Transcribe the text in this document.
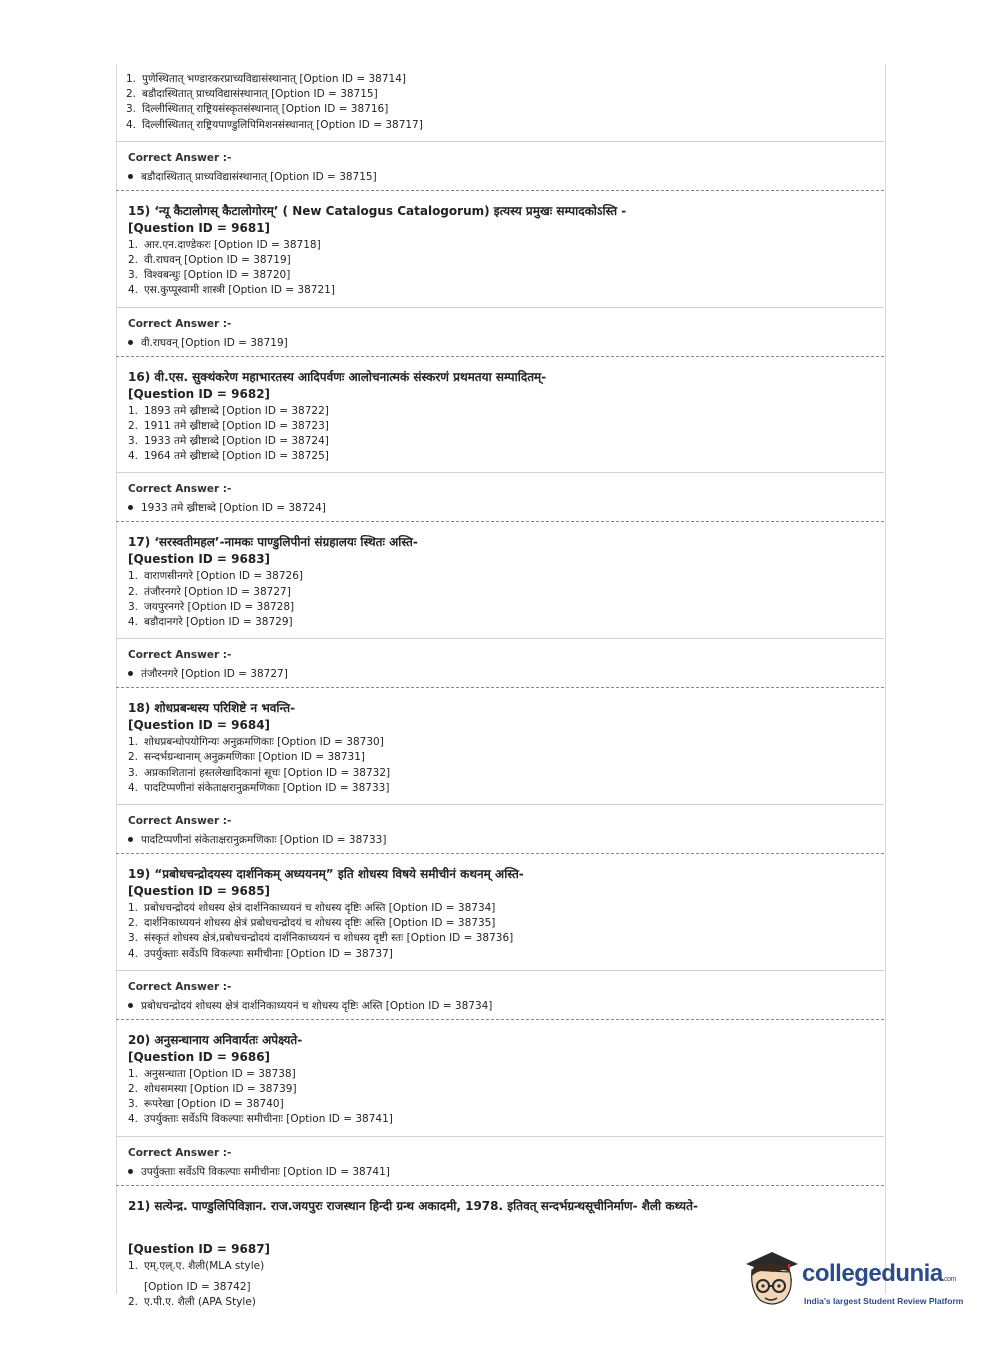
1. पुणेस्थितात् भण्डारकरप्राच्यविद्यासंस्थानात् [Option ID = 38714]
2. बडौदास्थितात् प्राच्यविद्यासंस्थानात् [Option ID = 38715]
3. दिल्लीस्थितात् राष्ट्रियसंस्कृतसंस्थानात् [Option ID = 38716]
4. दिल्लीस्थितात् राष्ट्रियपाण्डुलिपिमिशनसंस्थानात् [Option ID = 38717]
Correct Answer :-
बडौदास्थितात् प्राच्यविद्यासंस्थानात् [Option ID = 38715]
15) ‘न्यू कैटालोगस् कैटालोगोरम्’ ( New Catalogus Catalogorum) इत्यस्य प्रमुखः सम्पादकोऽस्ति -
[Question ID = 9681]
1. आर.एन.दाण्डेकरः [Option ID = 38718]
2. वी.राघवन् [Option ID = 38719]
3. विश्वबन्धुः [Option ID = 38720]
4. एस.कुप्पूस्वामी शास्त्री [Option ID = 38721]
Correct Answer :-
वी.राघवन् [Option ID = 38719]
16) वी.एस. सुक्थंकरेण महाभारतस्य आदिपर्वणः आलोचनात्मकं संस्करणं प्रथमतया सम्पादितम्-
[Question ID = 9682]
1. 1893 तमे ख्रीष्टाब्दे [Option ID = 38722]
2. 1911 तमे ख्रीष्टाब्दे [Option ID = 38723]
3. 1933 तमे ख्रीष्टाब्दे [Option ID = 38724]
4. 1964 तमे ख्रीष्टाब्दे [Option ID = 38725]
Correct Answer :-
1933 तमे ख्रीष्टाब्दे [Option ID = 38724]
17) ‘सरस्वतीमहल’-नामकः पाण्डुलिपीनां संग्रहालयः स्थितः अस्ति-
[Question ID = 9683]
1. वाराणसीनगरे [Option ID = 38726]
2. तंजौरनगरे [Option ID = 38727]
3. जयपुरनगरे [Option ID = 38728]
4. बडौदानगरे [Option ID = 38729]
Correct Answer :-
तंजौरनगरे [Option ID = 38727]
18) शोधप्रबन्धस्य परिशिष्टे न भवन्ति-
[Question ID = 9684]
1. शोधप्रबन्धोपयोगिन्यः अनुक्रमणिकाः [Option ID = 38730]
2. सन्दर्भग्रन्थानाम् अनुक्रमणिकाः [Option ID = 38731]
3. अप्रकाशितानां हस्तलेखादिकानां सूचः [Option ID = 38732]
4. पादटिप्पणीनां संकेताक्षरानुक्रमणिकाः [Option ID = 38733]
Correct Answer :-
पादटिप्पणीनां संकेताक्षरानुक्रमणिकाः [Option ID = 38733]
19) “प्रबोधचन्द्रोदयस्य दार्शनिकम् अध्ययनम्” इति शोधस्य विषये समीचीनं कथनम् अस्ति-
[Question ID = 9685]
1. प्रबोधचन्द्रोदयं शोधस्य क्षेत्रं दार्शनिकाध्ययनं च शोधस्य दृष्टिः अस्ति [Option ID = 38734]
2. दार्शनिकाध्ययनं शोधस्य क्षेत्रं प्रबोधचन्द्रोदयं च शोधस्य दृष्टिः अस्ति [Option ID = 38735]
3. संस्कृतं शोधस्य क्षेत्रं,प्रबोधचन्द्रोदयं दार्शनिकाध्ययनं च शोधस्य दृष्टी स्तः [Option ID = 38736]
4. उपर्युक्ताः सर्वेऽपि विकल्पाः समीचीनाः [Option ID = 38737]
Correct Answer :-
प्रबोधचन्द्रोदयं शोधस्य क्षेत्रं दार्शनिकाध्ययनं च शोधस्य दृष्टिः अस्ति [Option ID = 38734]
20) अनुसन्धानाय अनिवार्यतः अपेक्ष्यते-
[Question ID = 9686]
1. अनुसन्धाता [Option ID = 38738]
2. शोधसमस्या [Option ID = 38739]
3. रूपरेखा [Option ID = 38740]
4. उपर्युक्ताः सर्वेऽपि विकल्पाः समीचीनाः [Option ID = 38741]
Correct Answer :-
उपर्युक्ताः सर्वेऽपि विकल्पाः समीचीनाः [Option ID = 38741]
21) सत्येन्द्र. पाण्डुलिपिविज्ञान. राज.जयपुरः राजस्थान हिन्दी ग्रन्थ अकादमी, 1978. इतिवत् सन्दर्भग्रन्थसूचीनिर्माण- शैली कथ्यते-
[Question ID = 9687]
1. एम्.एल्.ए. शैली(MLA style)
[Option ID = 38742]
2. ए.पी.ए. शैली (APA Style)
collegedunia.com
India's largest Student Review Platform
